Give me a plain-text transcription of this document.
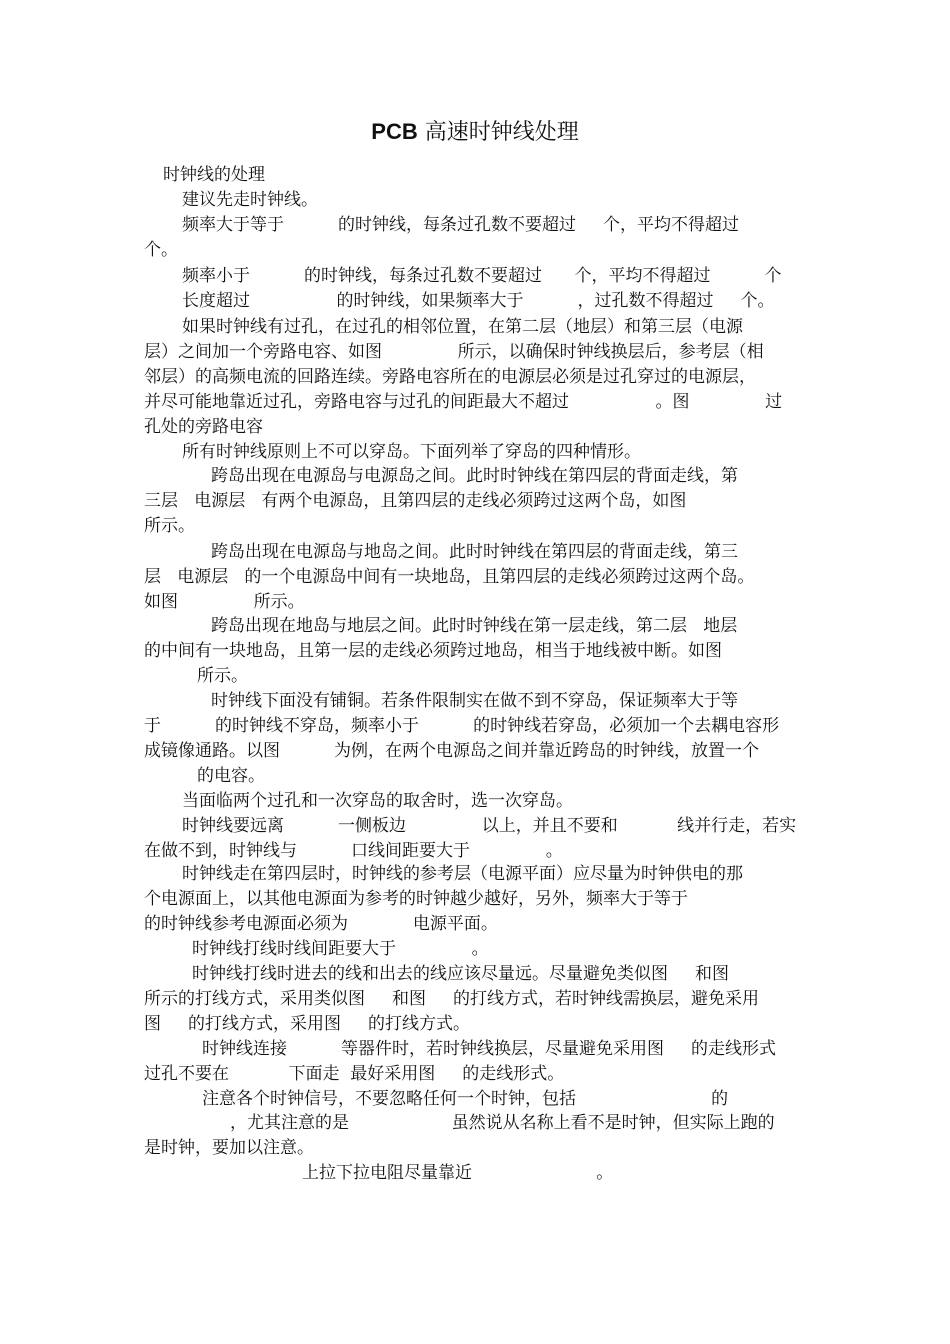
PCB 高速时钟线处理
时钟线的处理
建议先走时钟线。
频率大于等于          的时钟线，每条过孔数不要超过     个，平均不得超过
个。
频率小于          的时钟线，每条过孔数不要超过      个，平均不得超过          个
长度超过                的时钟线，如果频率大于          ，过孔数不得超过     个。
如果时钟线有过孔，在过孔的相邻位置，在第二层（地层）和第三层（电源
层）之间加一个旁路电容、如图              所示，以确保时钟线换层后，参考层（相
邻层）的高频电流的回路连续。旁路电容所在的电源层必须是过孔穿过的电源层，
并尽可能地靠近过孔，旁路电容与过孔的间距最大不超过                。图              过
孔处的旁路电容
所有时钟线原则上不可以穿岛。下面列举了穿岛的四种情形。
跨岛出现在电源岛与电源岛之间。此时时钟线在第四层的背面走线，第
三层   电源层   有两个电源岛，且第四层的走线必须跨过这两个岛，如图
所示。
跨岛出现在电源岛与地岛之间。此时时钟线在第四层的背面走线，第三
层   电源层   的一个电源岛中间有一块地岛，且第四层的走线必须跨过这两个岛。
如图              所示。
跨岛出现在地岛与地层之间。此时时钟线在第一层走线，第二层   地层
的中间有一块地岛，且第一层的走线必须跨过地岛，相当于地线被中断。如图
所示。
时钟线下面没有铺铜。若条件限制实在做不到不穿岛，保证频率大于等
于          的时钟线不穿岛，频率小于          的时钟线若穿岛，必须加一个去耦电容形
成镜像通路。以图          为例，在两个电源岛之间并靠近跨岛的时钟线，放置一个
的电容。
当面临两个过孔和一次穿岛的取舍时，选一次穿岛。
时钟线要远离          一侧板边              以上，并且不要和           线并行走，若实
在做不到，时钟线与          口线间距要大于              。
时钟线走在第四层时，时钟线的参考层（电源平面）应尽量为时钟供电的那
个电源面上，以其他电源面为参考的时钟越少越好，另外，频率大于等于
的时钟线参考电源面必须为            电源平面。
时钟线打线时线间距要大于              。
时钟线打线时进去的线和出去的线应该尽量远。尽量避免类似图     和图
所示的打线方式，采用类似图     和图     的打线方式，若时钟线需换层，避免采用
图     的打线方式，采用图     的打线方式。
时钟线连接          等器件时，若时钟线换层，尽量避免采用图     的走线形式
过孔不要在           下面走  最好采用图     的走线形式。
注意各个时钟信号，不要忽略任何一个时钟，包括                         的
，尤其注意的是                   虽然说从名称上看不是时钟，但实际上跑的
是时钟，要加以注意。
上拉下拉电阻尽量靠近                       。
